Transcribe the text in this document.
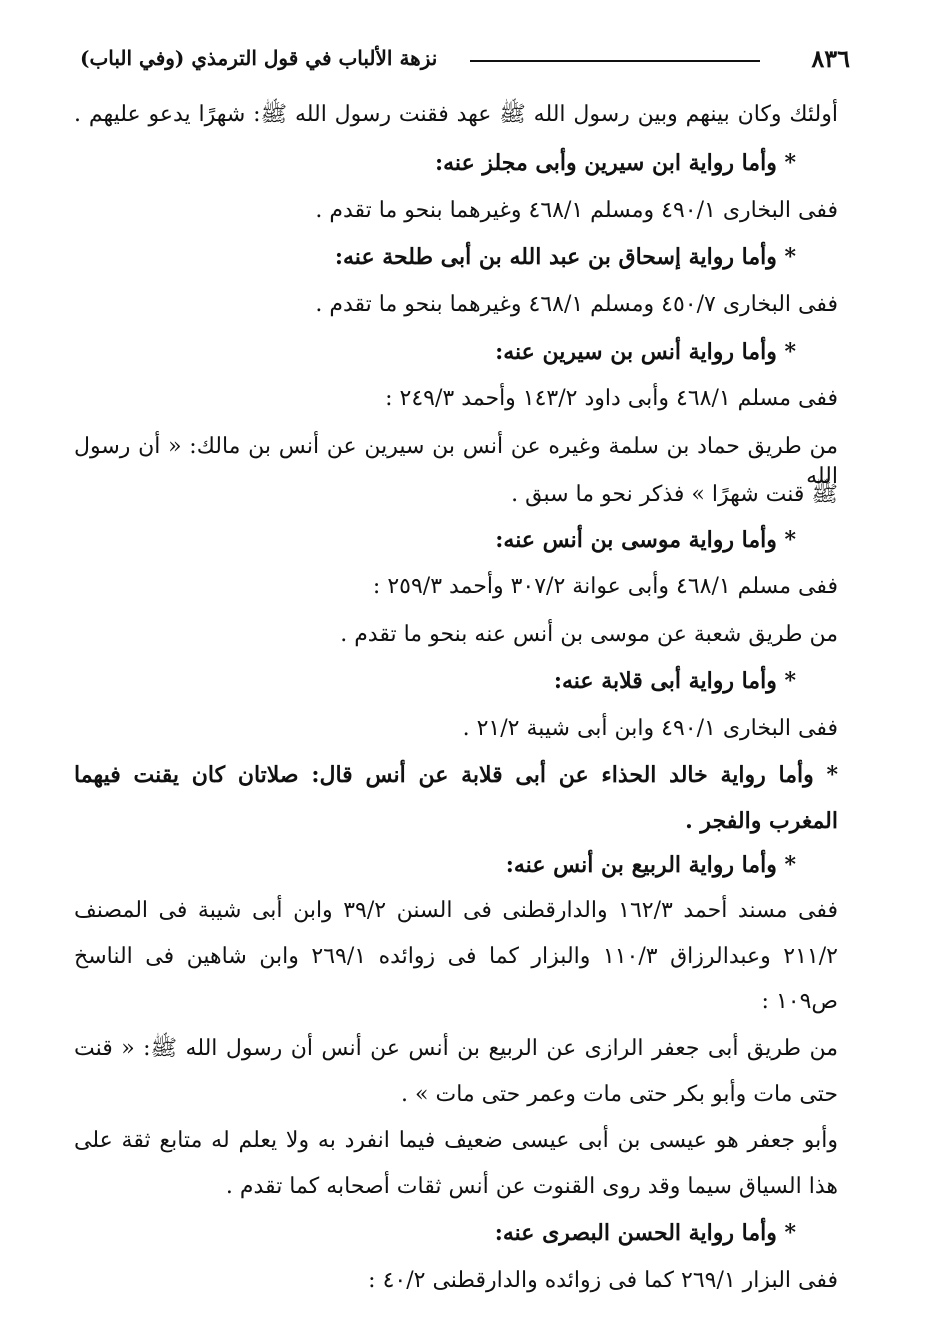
نزهة الألباب في قول الترمذي (وفي الباب)	٨٣٦
أولئك وكان بينهم وبين رسول الله ﷺ عهد فقنت رسول الله ﷺ: شهرًا يدعو عليهم .
* وأما رواية ابن سيرين وأبى مجلز عنه:
ففى البخارى ٤٩٠/١ ومسلم ٤٦٨/١ وغيرهما بنحو ما تقدم .
* وأما رواية إسحاق بن عبد الله بن أبى طلحة عنه:
ففى البخارى ٤٥٠/٧ ومسلم ٤٦٨/١ وغيرهما بنحو ما تقدم .
* وأما رواية أنس بن سيرين عنه:
ففى مسلم ٤٦٨/١ وأبى داود ١٤٣/٢ وأحمد ٢٤٩/٣ :
من طريق حماد بن سلمة وغيره عن أنس بن سيرين عن أنس بن مالك: « أن رسول الله
ﷺ قنت شهرًا » فذكر نحو ما سبق .
* وأما رواية موسى بن أنس عنه:
ففى مسلم ٤٦٨/١ وأبى عوانة ٣٠٧/٢ وأحمد ٢٥٩/٣ :
من طريق شعبة عن موسى بن أنس عنه بنحو ما تقدم .
* وأما رواية أبى قلابة عنه:
ففى البخارى ٤٩٠/١ وابن أبى شيبة ٢١/٢ .
* وأما رواية خالد الحذاء عن أبى قلابة عن أنس قال: صلاتان كان يقنت فيهما
المغرب والفجر .
* وأما رواية الربيع بن أنس عنه:
ففى مسند أحمد ١٦٢/٣ والدارقطنى فى السنن ٣٩/٢ وابن أبى شيبة فى المصنف
٢١١/٢ وعبدالرزاق ١١٠/٣ والبزار كما فى زوائده ٢٦٩/١ وابن شاهين فى الناسخ
ص١٠٩ :
من طريق أبى جعفر الرازى عن الربيع بن أنس عن أنس أن رسول الله ﷺ: « قنت
حتى مات وأبو بكر حتى مات وعمر حتى مات » .
وأبو جعفر هو عيسى بن أبى عيسى ضعيف فيما انفرد به ولا يعلم له متابع ثقة على
هذا السياق سيما وقد روى القنوت عن أنس ثقات أصحابه كما تقدم .
* وأما رواية الحسن البصرى عنه:
ففى البزار ٢٦٩/١ كما فى زوائده والدارقطنى ٤٠/٢ :
